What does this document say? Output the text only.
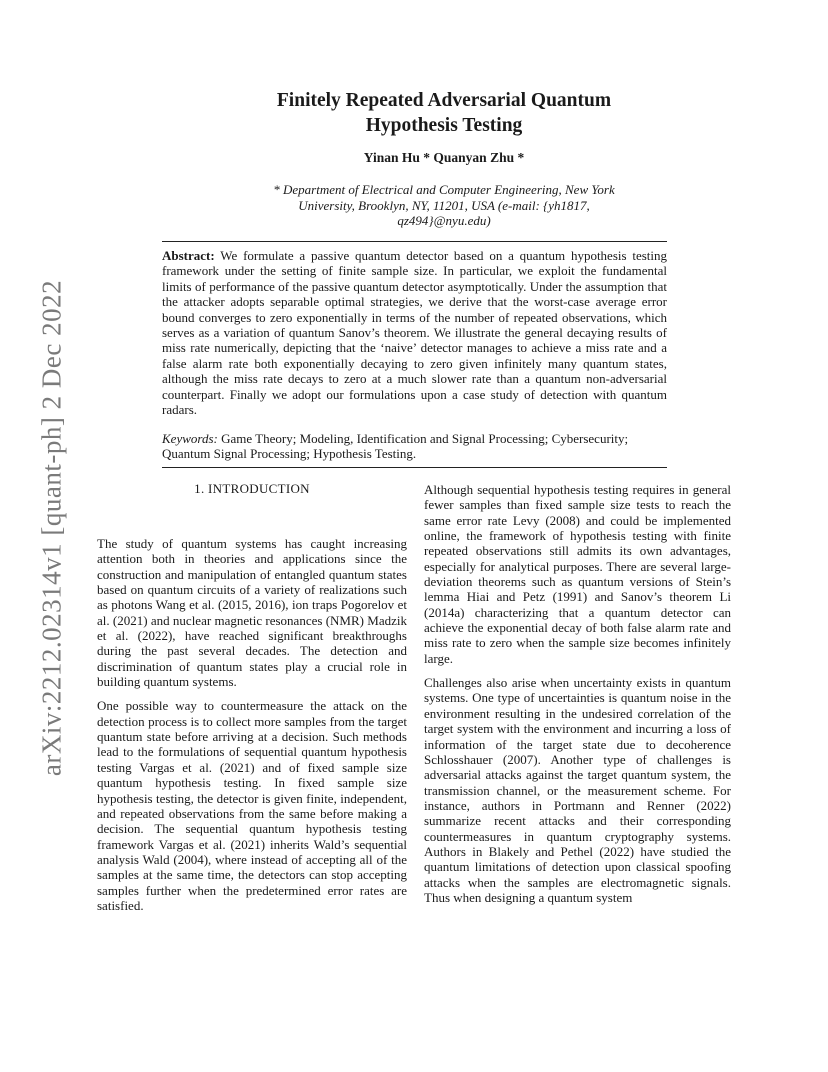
arXiv:2212.02314v1 [quant-ph] 2 Dec 2022
Finitely Repeated Adversarial Quantum
Hypothesis Testing
Yinan Hu * Quanyan Zhu *
* Department of Electrical and Computer Engineering, New York
University, Brooklyn, NY, 11201, USA (e-mail: {yh1817,
qz494}@nyu.edu)
Abstract: We formulate a passive quantum detector based on a quantum hypothesis testing framework under the setting of finite sample size. In particular, we exploit the fundamental limits of performance of the passive quantum detector asymptotically. Under the assumption that the attacker adopts separable optimal strategies, we derive that the worst-case average error bound converges to zero exponentially in terms of the number of repeated observations, which serves as a variation of quantum Sanov’s theorem. We illustrate the general decaying results of miss rate numerically, depicting that the ‘naive’ detector manages to achieve a miss rate and a false alarm rate both exponentially decaying to zero given infinitely many quantum states, although the miss rate decays to zero at a much slower rate than a quantum non-adversarial counterpart. Finally we adopt our formulations upon a case study of detection with quantum radars.
Keywords: Game Theory; Modeling, Identification and Signal Processing; Cybersecurity; Quantum Signal Processing; Hypothesis Testing.
1. INTRODUCTION

The study of quantum systems has caught increasing attention both in theories and applications since the construction and manipulation of entangled quantum states based on quantum circuits of a variety of realizations such as photons Wang et al. (2015, 2016), ion traps Pogorelov et al. (2021) and nuclear magnetic resonances (NMR) Madzik et al. (2022), have reached significant breakthroughs during the past several decades. The detection and discrimination of quantum states play a crucial role in building quantum systems.

One possible way to countermeasure the attack on the detection process is to collect more samples from the target quantum state before arriving at a decision. Such methods lead to the formulations of sequential quantum hypothesis testing Vargas et al. (2021) and of fixed sample size quantum hypothesis testing. In fixed sample size hypothesis testing, the detector is given finite, independent, and repeated observations from the same before making a decision. The sequential quantum hypothesis testing framework Vargas et al. (2021) inherits Wald’s sequential analysis Wald (2004), where instead of accepting all of the samples at the same time, the detectors can stop accepting samples further when the predetermined error rates are satisfied.

Although sequential hypothesis testing requires in general fewer samples than fixed sample size tests to reach the same error rate Levy (2008) and could be implemented online, the framework of hypothesis testing with finite repeated observations still admits its own advantages, especially for analytical purposes. There are several large-deviation theorems such as quantum versions of Stein’s lemma Hiai and Petz (1991) and Sanov’s theorem Li (2014a) characterizing that a quantum detector can achieve the exponential decay of both false alarm rate and miss rate to zero when the sample size becomes infinitely large.

Challenges also arise when uncertainty exists in quantum systems. One type of uncertainties is quantum noise in the environment resulting in the undesired correlation of the target system with the environment and incurring a loss of information of the target state due to decoherence Schlosshauer (2007). Another type of challenges is adversarial attacks against the target quantum system, the transmission channel, or the measurement scheme. For instance, authors in Portmann and Renner (2022) summarize recent attacks and their corresponding countermeasures in quantum cryptography systems. Authors in Blakely and Pethel (2022) have studied the quantum limitations of detection upon classical spoofing attacks when the samples are electromagnetic signals. Thus when designing a quantum system
